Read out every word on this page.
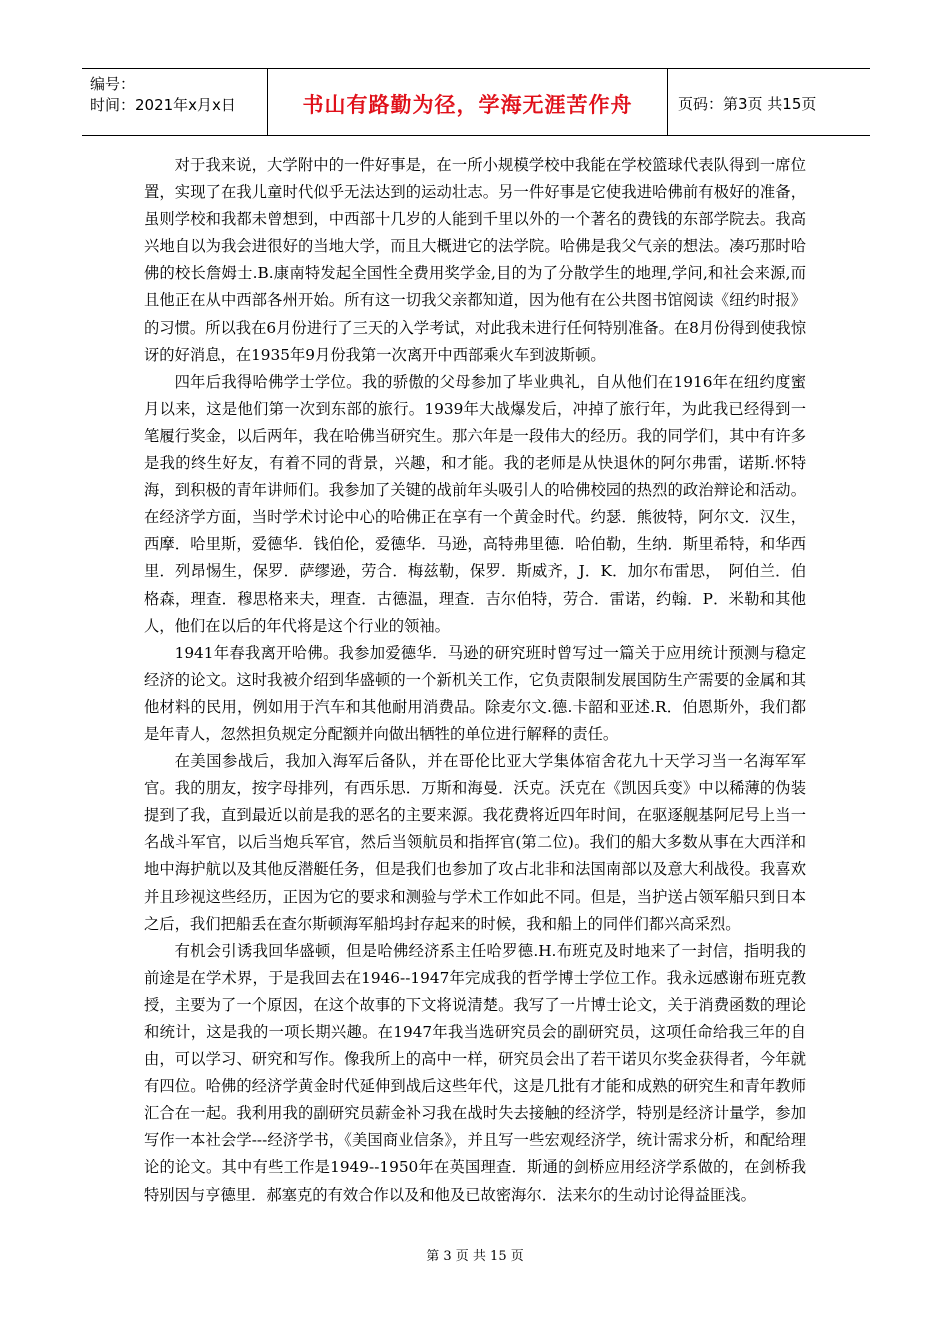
编号：
时间：2021年x月x日	书山有路勤为径，学海无涯苦作舟	页码：第3页 共15页

对于我来说，大学附中的一件好事是，在一所小规模学校中我能在学校篮球代表队得到一席位置，实现了在我儿童时代似乎无法达到的运动壮志。另一件好事是它使我进哈佛前有极好的准备，虽则学校和我都未曾想到，中西部十几岁的人能到千里以外的一个著名的费钱的东部学院去。我高兴地自以为我会进很好的当地大学，而且大概进它的法学院。哈佛是我父气亲的想法。凑巧那时哈佛的校长詹姆士.B.康南特发起全国性全费用奖学金,目的为了分散学生的地理,学问,和社会来源,而且他正在从中西部各州开始。所有这一切我父亲都知道，因为他有在公共图书馆阅读《纽约时报》的习惯。所以我在6月份进行了三天的入学考试，对此我未进行任何特别准备。在8月份得到使我惊讶的好消息，在1935年9月份我第一次离开中西部乘火车到波斯顿。

四年后我得哈佛学士学位。我的骄傲的父母参加了毕业典礼，自从他们在1916年在纽约度蜜月以来，这是他们第一次到东部的旅行。1939年大战爆发后，冲掉了旅行年，为此我已经得到一笔履行奖金，以后两年，我在哈佛当研究生。那六年是一段伟大的经历。我的同学们，其中有许多是我的终生好友，有着不同的背景，兴趣，和才能。我的老师是从快退休的阿尔弗雷，诺斯.怀特海，到积极的青年讲师们。我参加了关键的战前年头吸引人的哈佛校园的热烈的政治辩论和活动。在经济学方面，当时学术讨论中心的哈佛正在享有一个黄金时代。约瑟．熊彼特，阿尔文．汉生，西摩．哈里斯，爱德华．钱伯伦，爱德华．马逊，高特弗里德．哈伯勒，生纳．斯里希特，和华西里．列昂惕生，保罗．萨缪逊，劳合．梅兹勒，保罗．斯威齐，J．K．加尔布雷思，　阿伯兰．伯格森，理查．穆思格来夫，理查．古德温，理查．吉尔伯特，劳合．雷诺，约翰．P．米勒和其他人，他们在以后的年代将是这个行业的领袖。

1941年春我离开哈佛。我参加爱德华．马逊的研究班时曾写过一篇关于应用统计预测与稳定经济的论文。这时我被介绍到华盛顿的一个新机关工作，它负责限制发展国防生产需要的金属和其他材料的民用，例如用于汽车和其他耐用消费品。除麦尔文.德.卡韶和亚述.R．伯恩斯外，我们都是年青人，忽然担负规定分配额并向做出牺牲的单位进行解释的责任。

在美国参战后，我加入海军后备队，并在哥伦比亚大学集体宿舍花九十天学习当一名海军军官。我的朋友，按字母排列，有西乐思．万斯和海曼．沃克。沃克在《凯因兵变》中以稀薄的伪装提到了我，直到最近以前是我的恶名的主要来源。我花费将近四年时间，在驱逐舰基阿尼号上当一名战斗军官，以后当炮兵军官，然后当领航员和指挥官(第二位)。我们的船大多数从事在大西洋和地中海护航以及其他反潜艇任务，但是我们也参加了攻占北非和法国南部以及意大利战役。我喜欢并且珍视这些经历，正因为它的要求和测验与学术工作如此不同。但是，当护送占领军船只到日本之后，我们把船丢在查尔斯顿海军船坞封存起来的时候，我和船上的同伴们都兴高采烈。

有机会引诱我回华盛顿，但是哈佛经济系主任哈罗德.H.布班克及时地来了一封信，指明我的前途是在学术界，于是我回去在1946--1947年完成我的哲学博士学位工作。我永远感谢布班克教授，主要为了一个原因，在这个故事的下文将说清楚。我写了一片博士论文，关于消费函数的理论和统计，这是我的一项长期兴趣。在1947年我当选研究员会的副研究员，这项任命给我三年的自由，可以学习、研究和写作。像我所上的高中一样，研究员会出了若干诺贝尔奖金获得者，今年就有四位。哈佛的经济学黄金时代延伸到战后这些年代，这是几批有才能和成熟的研究生和青年教师汇合在一起。我利用我的副研究员薪金补习我在战时失去接触的经济学，特别是经济计量学，参加写作一本社会学---经济学书，《美国商业信条》，并且写一些宏观经济学，统计需求分析，和配给理论的论文。其中有些工作是1949--1950年在英国理查．斯通的剑桥应用经济学系做的，在剑桥我特别因与亨德里．郝塞克的有效合作以及和他及已故密海尔．法来尔的生动讨论得益匪浅。

第 3 页 共 15 页
